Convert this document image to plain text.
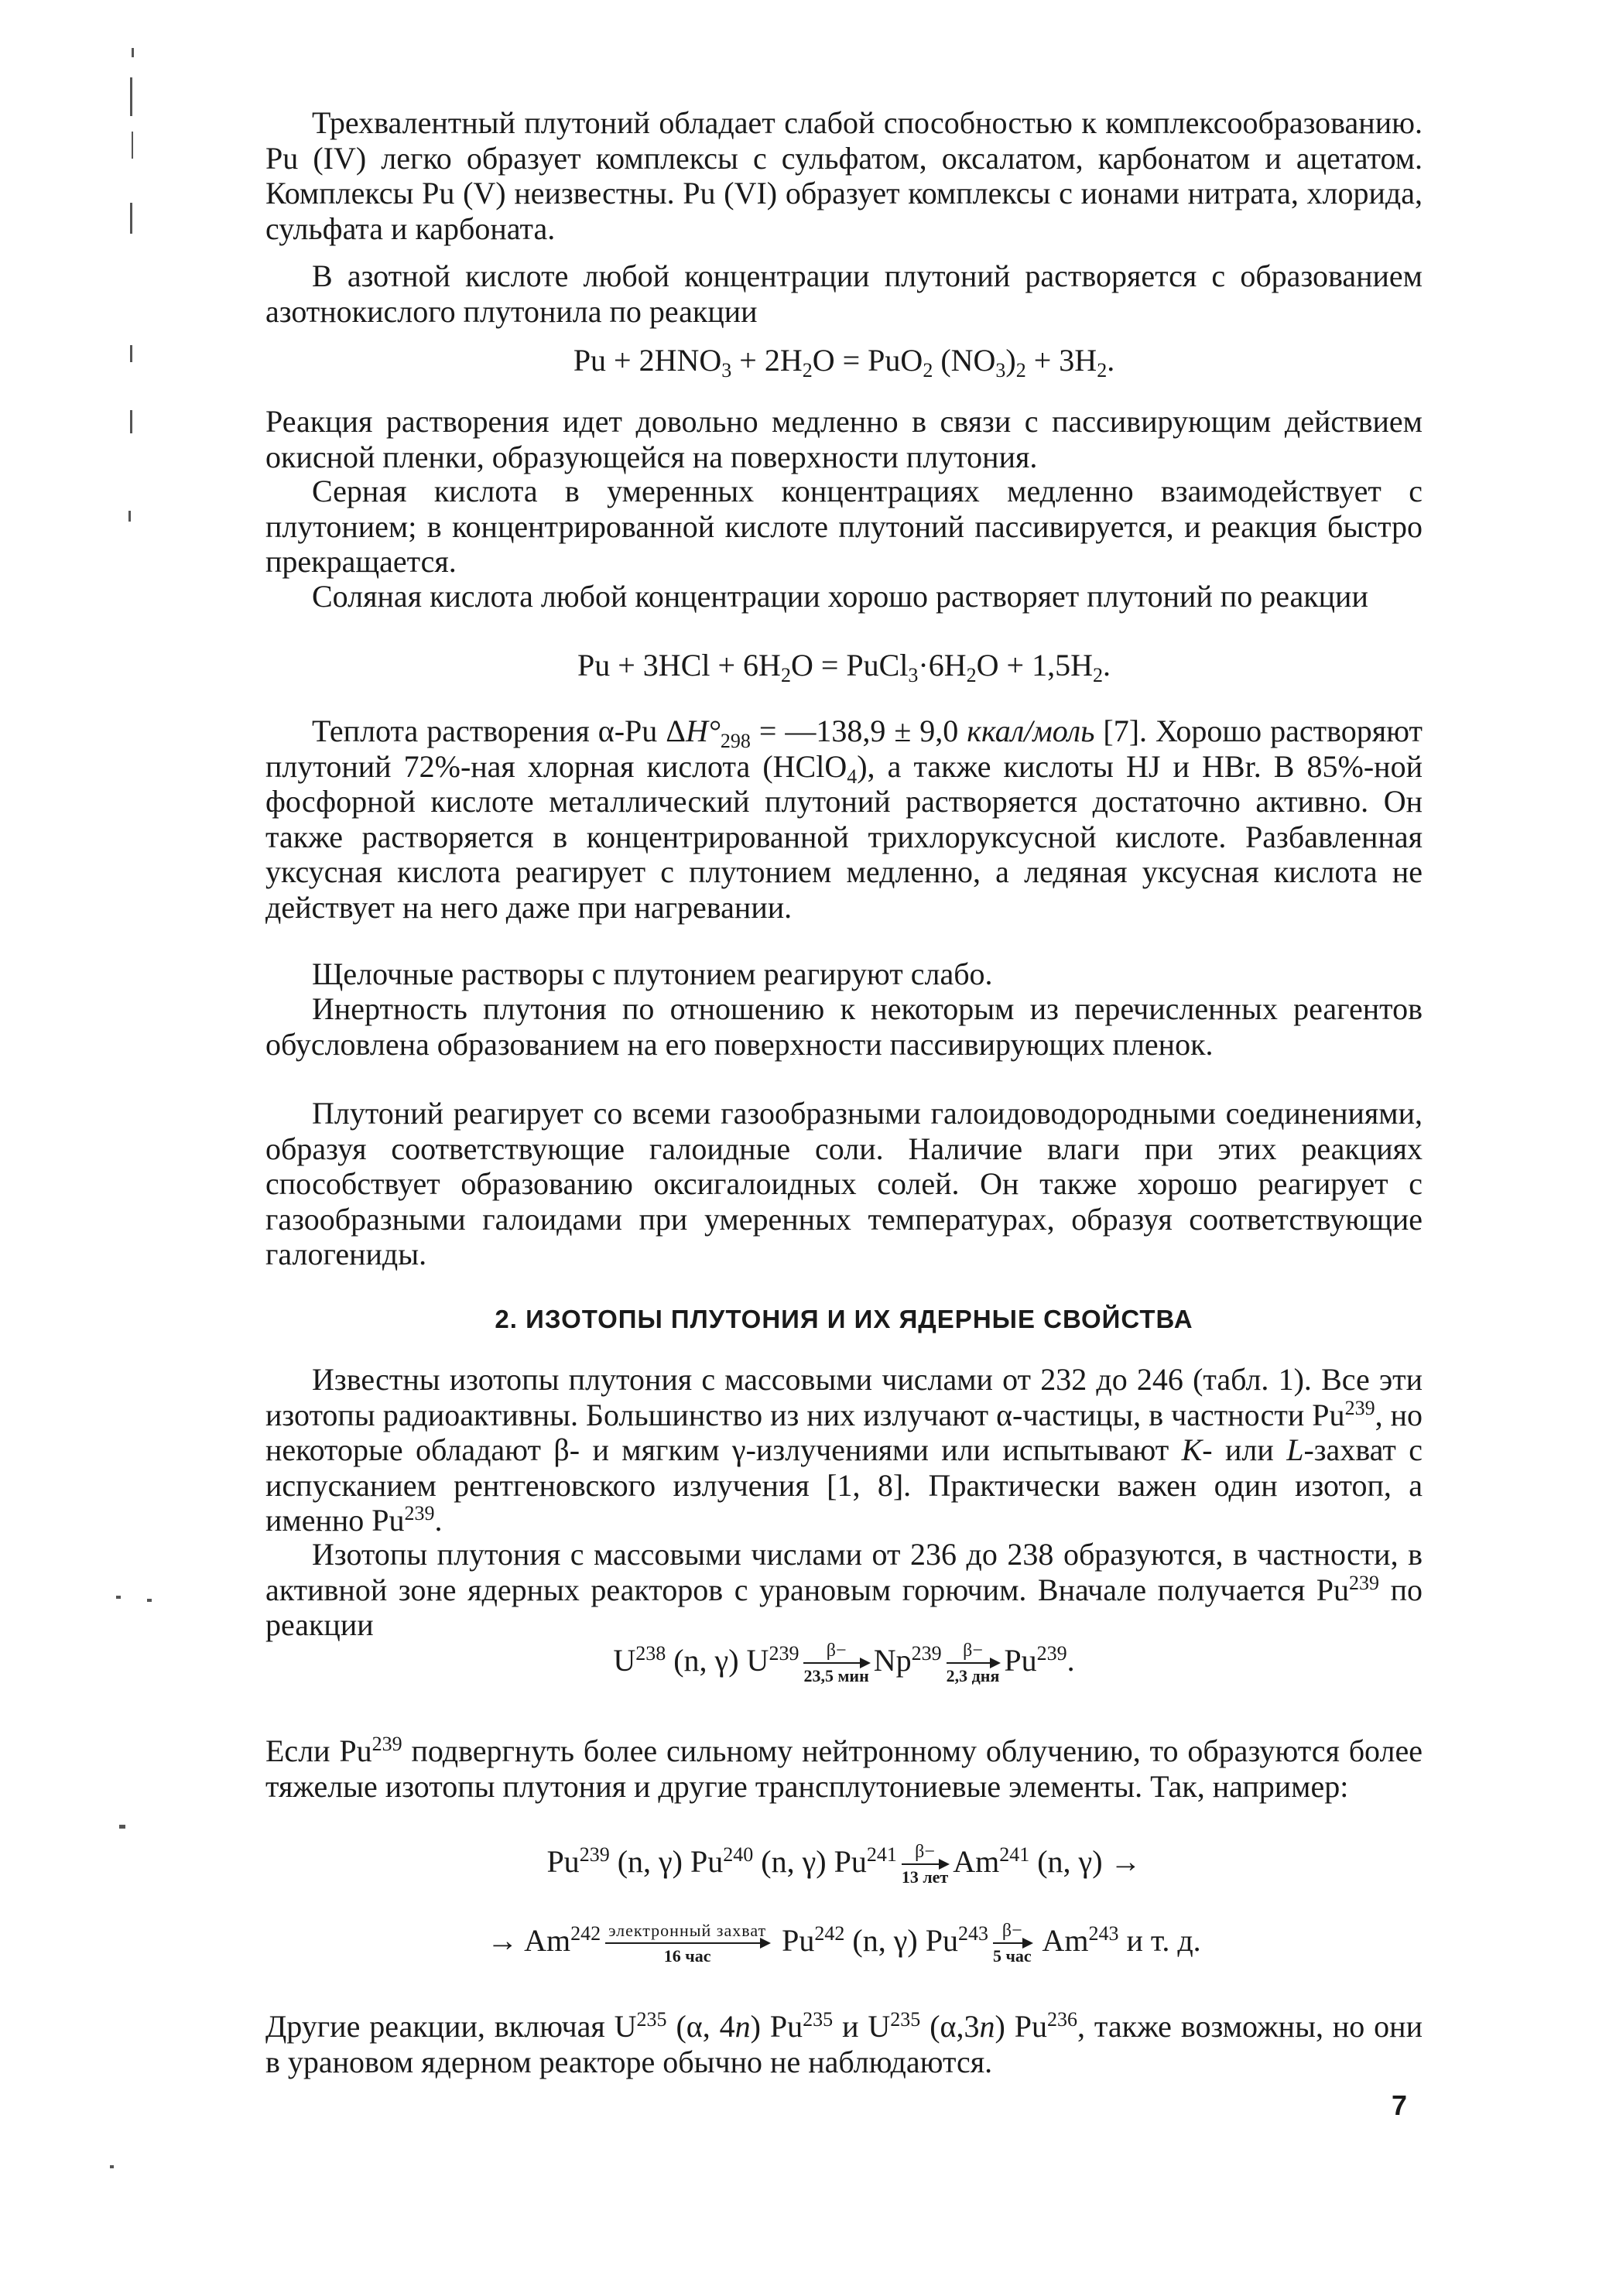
Трехвалентный плутоний обладает слабой способностью к комплексообразованию. Pu (IV) легко образует комплексы с сульфатом, оксалатом, карбонатом и ацетатом. Комплексы Pu (V) неизвестны. Pu (VI) образует комплексы с ионами нитрата, хлорида, сульфата и карбоната.

В азотной кислоте любой концентрации плутоний растворяется с образованием азотнокислого плутонила по реакции

$Pu + 2HNO_3 + 2H_2O = PuO_2$ $(NO_3)_2 + 3H_2$.

Реакция растворения идет довольно медленно в связи с пассивирующим действием окисной пленки, образующейся на поверхности плутония.

Серная кислота в умеренных концентрациях медленно взаимодействует с плутонием; в концентрированной кислоте плутоний пассивируется, и реакция быстро прекращается.

Соляная кислота любой концентрации хорошо растворяет плутоний по реакции

$Pu + 3HCl + 6H_2O$ = $PuCl_3\cdot 6H_2O + 1,5H_2$.

Теплота растворения α-Pu $\Delta H^\circ_{298}$ = —138,9 ± 9,0 ккал/моль [7]. Хорошо растворяют плутоний 72%-ная хлорная кислота (HClO$_4$), а также кислоты HJ и HBr. В 85%-ной фосфорной кислоте металлический плутоний растворяется достаточно активно. Он также растворяется в концентрированной трихлоруксусной кислоте. Разбавленная уксусная кислота реагирует с плутонием медленно, а ледяная уксусная кислота не действует на него даже при нагревании.

Щелочные растворы с плутонием реагируют слабо.

Инертность плутония по отношению к некоторым из перечисленных реагентов обусловлена образованием на его поверхности пассивирующих пленок.

Плутоний реагирует со всеми газообразными галоидоводородными соединениями, образуя соответствующие галоидные соли. Наличие влаги при этих реакциях способствует образованию оксигалоидных солей. Он также хорошо реагирует с газообразными галоидами при умеренных температурах, образуя соответствующие галогениды.

2. ИЗОТОПЫ ПЛУТОНИЯ И ИХ ЯДЕРНЫЕ СВОЙСТВА

Известны изотопы плутония с массовыми числами от 232 до 246 (табл. 1). Все эти изотопы радиоактивны. Большинство из них излучают α-частицы, в частности Pu$^{239}$, но некоторые обладают β- и мягким γ-излучениями или испытывают K- или L-захват с испусканием рентгеновского излучения [1, 8]. Практически важен один изотоп, а именно Pu$^{239}$.

Изотопы плутония с массовыми числами от 236 до 238 образуются, в частности, в активной зоне ядерных реакторов с урановым горючим. Вначале получается Pu$^{239}$ по реакции

$U^{238}$ (n, γ) $U^{239}$	β−
23,5 мин Np$^{239}$	β−
2,3 дня Pu$^{239}$.

Если Pu$^{239}$ подвергнуть более сильному нейтронному облучению, то образуются более тяжелые изотопы плутония и другие трансплутониевые элементы. Так, например:

Pu$^{239}$ (n, γ) Pu$^{240}$ (n, γ) Pu$^{241}$ β−
13 лет Am$^{241}$ (n, γ) →
→ $Am^{242}$ электронный захват
16 час	Pu$^{242}$ (n, γ) Pu$^{243}$ β−
5 час Am$^{243}$ и т. д.

Другие реакции, включая $U^{235}$ (α, 4n) Pu$^{235}$ и $U^{235}$ (α,3n) Pu$^{236}$, также возможны, но они в урановом ядерном реакторе обычно не наблюдаются.

7
